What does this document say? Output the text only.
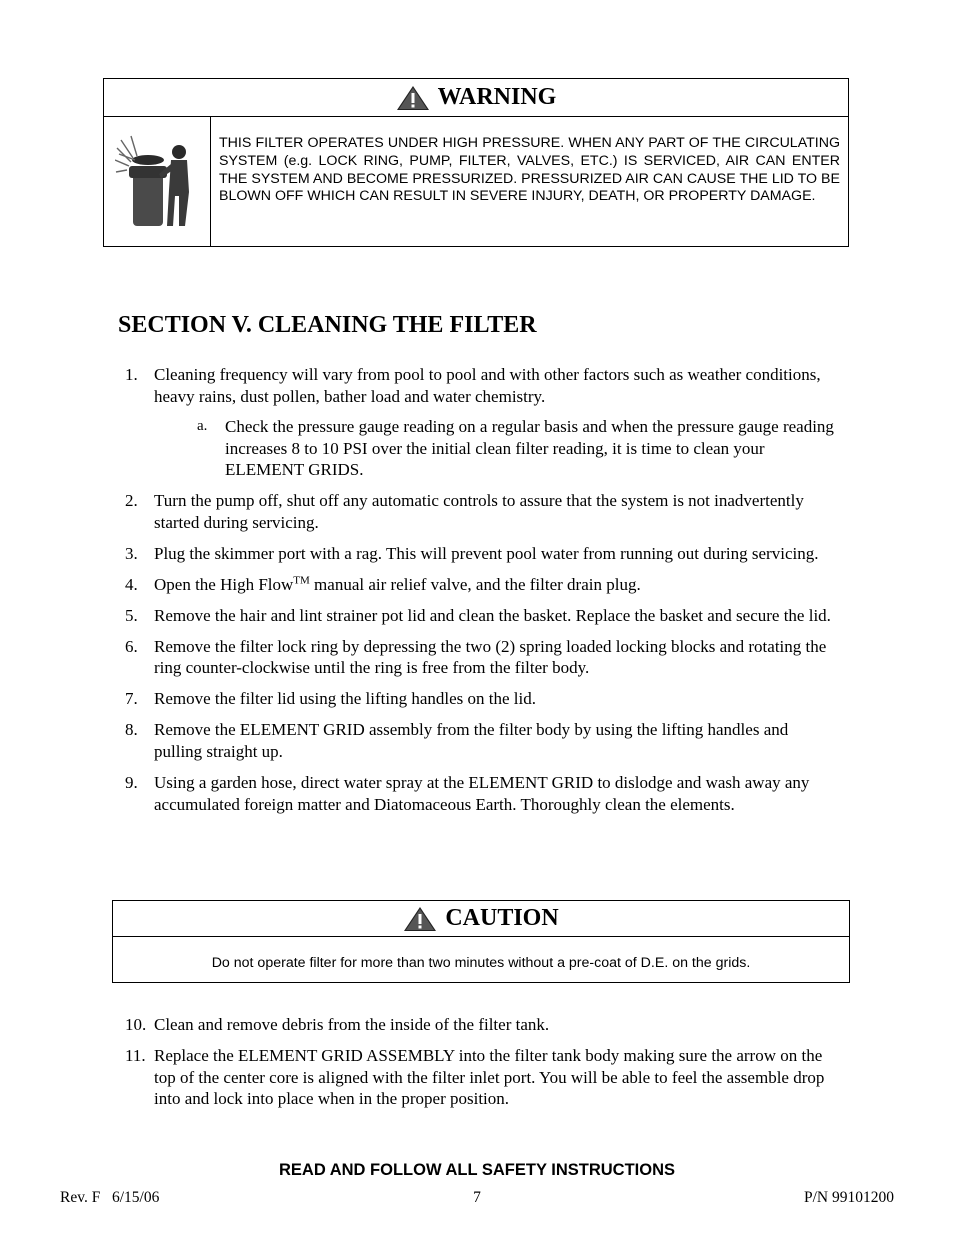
WARNING
THIS FILTER OPERATES UNDER HIGH PRESSURE. WHEN ANY PART OF THE CIRCULATING SYSTEM (e.g. LOCK RING, PUMP, FILTER, VALVES, ETC.) IS SERVICED, AIR CAN ENTER THE SYSTEM AND BECOME PRESSURIZED. PRESSURIZED AIR CAN CAUSE THE LID TO BE BLOWN OFF WHICH CAN RESULT IN SEVERE INJURY, DEATH, OR PROPERTY DAMAGE.
SECTION V. CLEANING THE FILTER
1. Cleaning frequency will vary from pool to pool and with other factors such as weather conditions, heavy rains, dust pollen, bather load and water chemistry.
a.	Check the pressure gauge reading on a regular basis and when the pressure gauge reading increases 8 to 10 PSI over the initial clean filter reading, it is time to clean your ELEMENT GRIDS.
2. Turn the pump off, shut off any automatic controls to assure that the system is not inadvertently started during servicing.
3. Plug the skimmer port with a rag. This will prevent pool water from running out during servicing.
4. Open the High Flow™ manual air relief valve, and the filter drain plug.
5. Remove the hair and lint strainer pot lid and clean the basket. Replace the basket and secure the lid.
6. Remove the filter lock ring by depressing the two (2) spring loaded locking blocks and rotating the ring counter-clockwise until the ring is free from the filter body.
7. Remove the filter lid using the lifting handles on the lid.
8. Remove the ELEMENT GRID assembly from the filter body by using the lifting handles and pulling straight up.
9. Using a garden hose, direct water spray at the ELEMENT GRID to dislodge and wash away any accumulated foreign matter and Diatomaceous Earth. Thoroughly clean the elements.
CAUTION
Do not operate filter for more than two minutes without a pre-coat of D.E. on the grids.
10. Clean and remove debris from the inside of the filter tank.
11. Replace the ELEMENT GRID ASSEMBLY into the filter tank body making sure the arrow on the top of the center core is aligned with the filter inlet port. You will be able to feel the assemble drop into and lock into place when in the proper position.
READ AND FOLLOW ALL SAFETY INSTRUCTIONS
Rev. F   6/15/06	7	P/N 99101200
